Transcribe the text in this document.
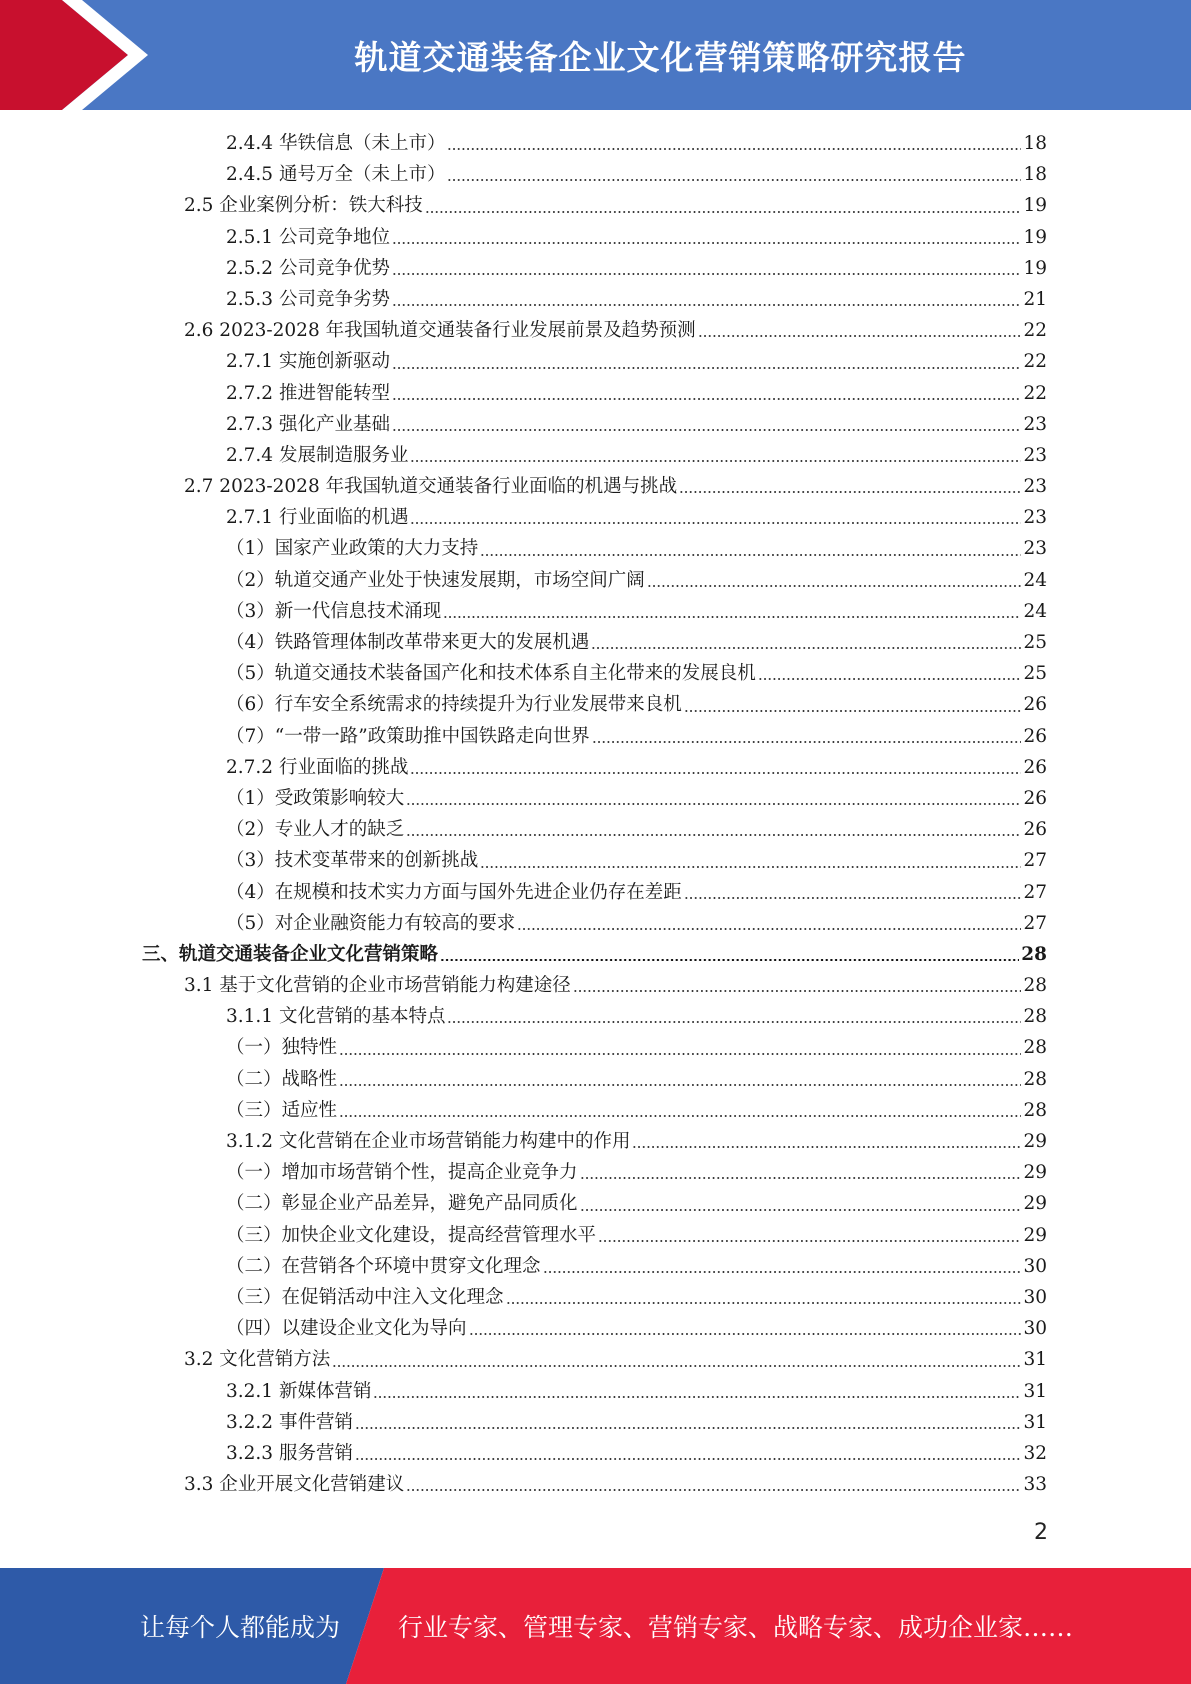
轨道交通装备企业文化营销策略研究报告
2.4.4 华铁信息（未上市）	18
2.4.5 通号万全（未上市）	18
2.5 企业案例分析：铁大科技	19
2.5.1 公司竞争地位	19
2.5.2 公司竞争优势	19
2.5.3 公司竞争劣势	21
2.6 2023-2028 年我国轨道交通装备行业发展前景及趋势预测	22
2.7.1 实施创新驱动	22
2.7.2 推进智能转型	22
2.7.3 强化产业基础	23
2.7.4 发展制造服务业	23
2.7 2023-2028 年我国轨道交通装备行业面临的机遇与挑战	23
2.7.1 行业面临的机遇	23
（1）国家产业政策的大力支持	23
（2）轨道交通产业处于快速发展期，市场空间广阔	24
（3）新一代信息技术涌现	24
（4）铁路管理体制改革带来更大的发展机遇	25
（5）轨道交通技术装备国产化和技术体系自主化带来的发展良机	25
（6）行车安全系统需求的持续提升为行业发展带来良机	26
（7）“一带一路”政策助推中国铁路走向世界	26
2.7.2 行业面临的挑战	26
（1）受政策影响较大	26
（2）专业人才的缺乏	26
（3）技术变革带来的创新挑战	27
（4）在规模和技术实力方面与国外先进企业仍存在差距	27
（5）对企业融资能力有较高的要求	27
三、轨道交通装备企业文化营销策略	28
3.1 基于文化营销的企业市场营销能力构建途径	28
3.1.1 文化营销的基本特点	28
（一）独特性	28
（二）战略性	28
（三）适应性	28
3.1.2 文化营销在企业市场营销能力构建中的作用	29
（一）增加市场营销个性，提高企业竞争力	29
（二）彰显企业产品差异，避免产品同质化	29
（三）加快企业文化建设，提高经营管理水平	29
（二）在营销各个环境中贯穿文化理念	30
（三）在促销活动中注入文化理念	30
（四）以建设企业文化为导向	30
3.2 文化营销方法	31
3.2.1 新媒体营销	31
3.2.2 事件营销	31
3.2.3 服务营销	32
3.3 企业开展文化营销建议	33
2
让每个人都能成为	行业专家、管理专家、营销专家、战略专家、成功企业家……
